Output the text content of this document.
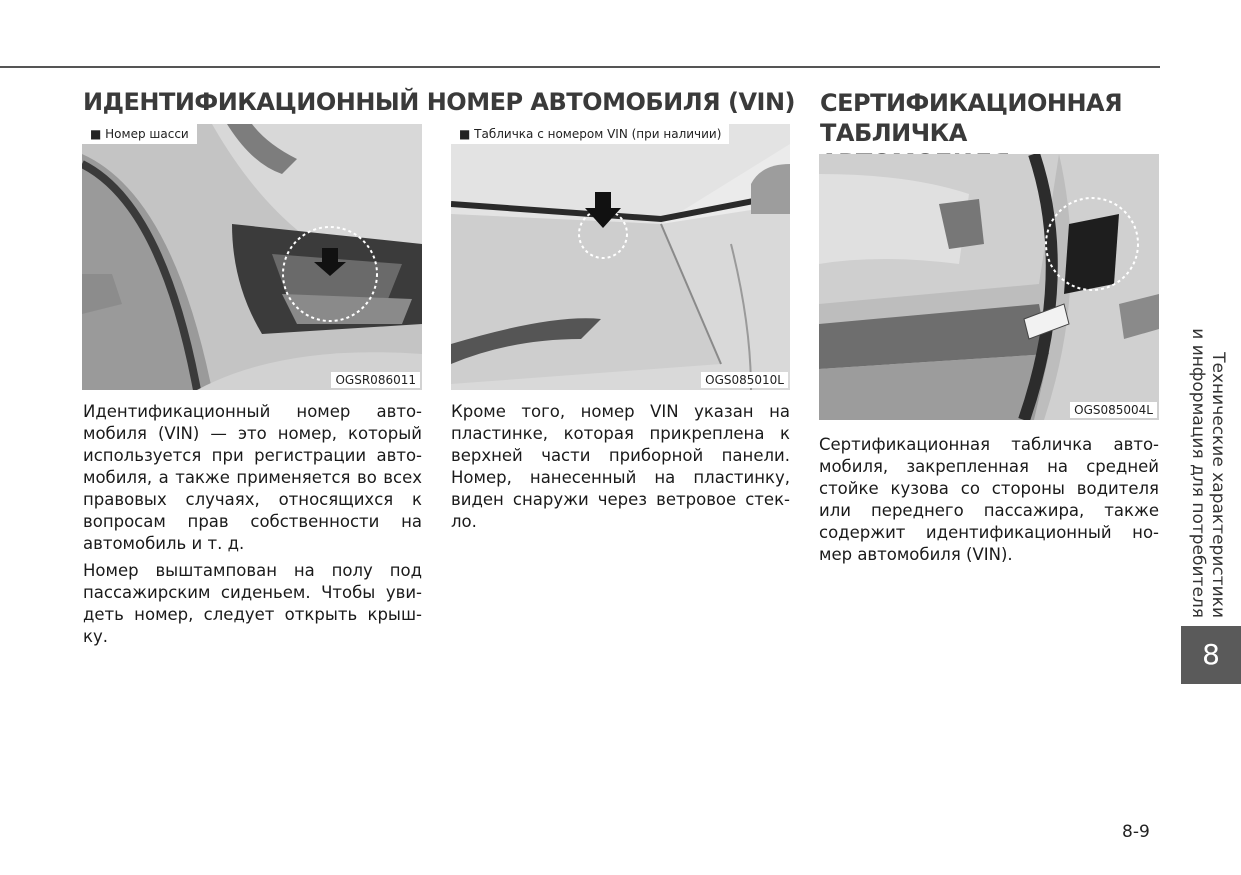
ИДЕНТИФИКАЦИОННЫЙ НОМЕР АВТОМОБИЛЯ (VIN) СЕРТИФИКАЦИОННАЯ
ТАБЛИЧКА
■ Номер шасси
OGSR086011
■ Табличка с номером VIN (при наличии)
OGS085010L
OGS085004L

Идентификационный номер авто-мобиля (VIN) — это номер, который используется при регистрации авто-мобиля, а также применяется во всех правовых случаях, относящихся к вопросам прав собственности на автомобиль и т. д.

Номер выштампован на полу под пассажирским сиденьем. Чтобы уви-деть номер, следует открыть крыш-ку.

Кроме того, номер VIN указан на пластинке, которая прикреплена к верхней части приборной панели. Номер, нанесенный на пластинку, виден снаружи через ветровое стек-ло.

Сертификационная табличка авто-мобиля, закрепленная на средней стойке кузова со стороны водителя или переднего пассажира, также содержит идентификационный но-мер автомобиля (VIN).	Технические характеристики
и информация для потребителя
8
8-9
